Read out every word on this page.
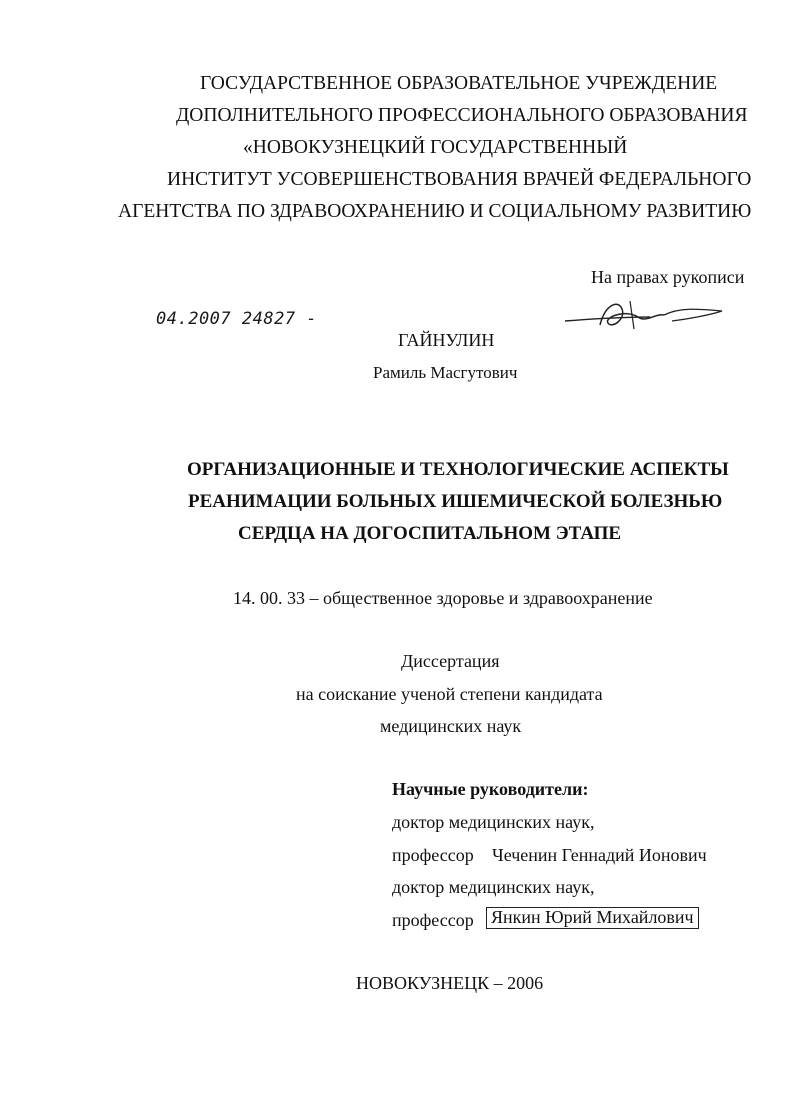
ГОСУДАРСТВЕННОЕ ОБРАЗОВАТЕЛЬНОЕ УЧРЕЖДЕНИЕ
ДОПОЛНИТЕЛЬНОГО ПРОФЕССИОНАЛЬНОГО ОБРАЗОВАНИЯ
«НОВОКУЗНЕЦКИЙ ГОСУДАРСТВЕННЫЙ
ИНСТИТУТ УСОВЕРШЕНСТВОВАНИЯ ВРАЧЕЙ ФЕДЕРАЛЬНОГО
АГЕНТСТВА ПО ЗДРАВООХРАНЕНИЮ И СОЦИАЛЬНОМУ РАЗВИТИЮ
На правах рукописи
04.2007 24827 -
ГАЙНУЛИН
Рамиль Масгутович
ОРГАНИЗАЦИОННЫЕ И ТЕХНОЛОГИЧЕСКИЕ АСПЕКТЫ
РЕАНИМАЦИИ БОЛЬНЫХ ИШЕМИЧЕСКОЙ БОЛЕЗНЬЮ
СЕРДЦА НА ДОГОСПИТАЛЬНОМ ЭТАПЕ
14. 00. 33 – общественное здоровье и здравоохранение
Диссертация
на соискание ученой степени кандидата
медицинских наук
Научные руководители:
доктор медицинских наук,
профессор Чеченин Геннадий Ионович
доктор медицинских наук,
профессор Янкин Юрий Михайлович
НОВОКУЗНЕЦК – 2006
